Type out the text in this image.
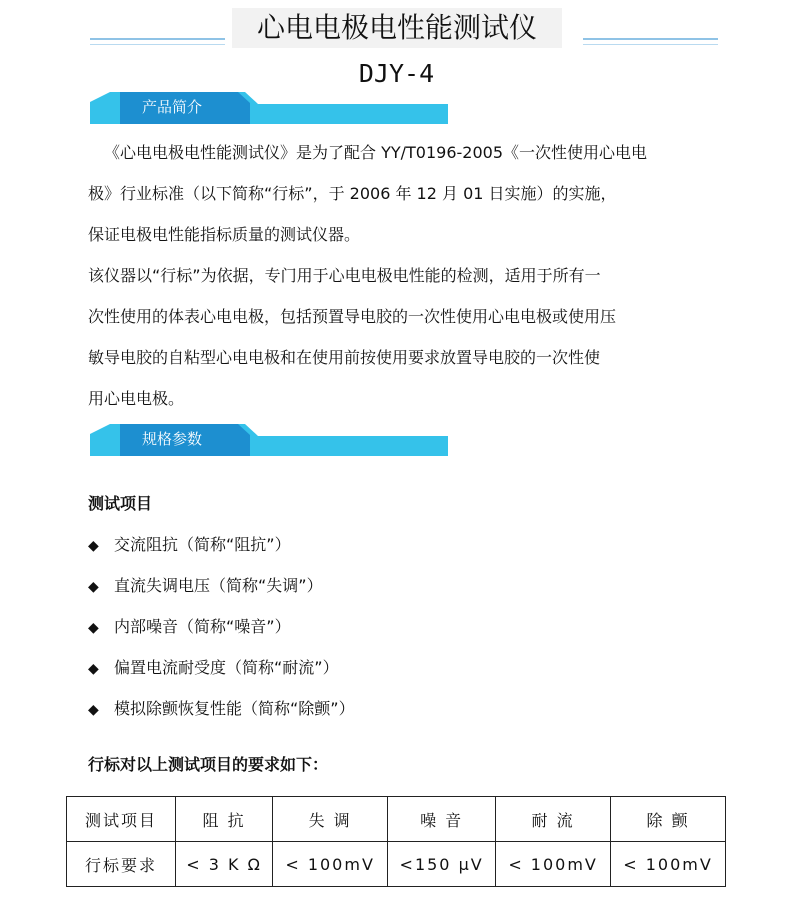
心电电极电性能测试仪
DJY-4
产品简介
《心电电极电性能测试仪》是为了配合 YY/T0196-2005《一次性使用心电电
极》行业标准（以下简称“行标”，于 2006 年 12 月 01 日实施）的实施，
保证电极电性能指标质量的测试仪器。
该仪器以“行标”为依据，专门用于心电电极电性能的检测，适用于所有一
次性使用的体表心电电极，包括预置导电胶的一次性使用心电电极或使用压
敏导电胶的自粘型心电电极和在使用前按使用要求放置导电胶的一次性使
用心电电极。
规格参数
测试项目
◆ 交流阻抗（简称“阻抗”）
◆ 直流失调电压（简称“失调”）
◆ 内部噪音（简称“噪音”）
◆ 偏置电流耐受度（简称“耐流”）
◆ 模拟除颤恢复性能（简称“除颤”）
行标对以上测试项目的要求如下：
测试项目	阻 抗	失 调	噪 音	耐 流	除 颤
行标要求	< 3 K Ω	< 100mV	<150 μV	< 100mV	< 100mV
